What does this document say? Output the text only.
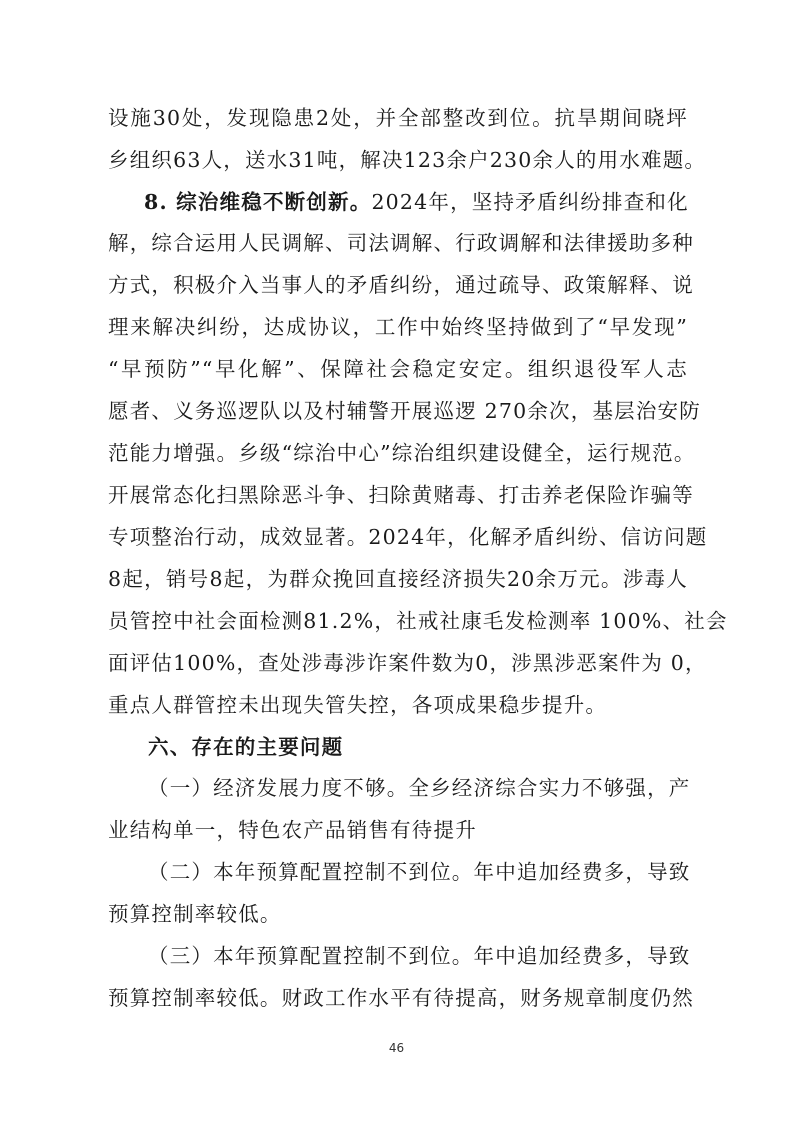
设施30处，发现隐患2处，并全部整改到位。抗旱期间晓坪
乡组织63人，送水31吨，解决123余户230余人的用水难题。
8. 综治维稳不断创新。2024年，坚持矛盾纠纷排查和化
解，综合运用人民调解、司法调解、行政调解和法律援助多种
方式，积极介入当事人的矛盾纠纷，通过疏导、政策解释、说
理来解决纠纷，达成协议，工作中始终坚持做到了“早发现”
“早预防”“早化解”、保障社会稳定安定。组织退役军人志
愿者、义务巡逻队以及村辅警开展巡逻 270余次，基层治安防
范能力增强。乡级“综治中心”综治组织建设健全，运行规范。
开展常态化扫黑除恶斗争、扫除黄赌毒、打击养老保险诈骗等
专项整治行动，成效显著。2024年，化解矛盾纠纷、信访问题
8起，销号8起，为群众挽回直接经济损失20余万元。涉毒人
员管控中社会面检测81.2%，社戒社康毛发检测率 100%、社会
面评估100%，查处涉毒涉诈案件数为0，涉黑涉恶案件为 0，
重点人群管控未出现失管失控，各项成果稳步提升。
六、存在的主要问题
（一）经济发展力度不够。全乡经济综合实力不够强，产
业结构单一，特色农产品销售有待提升
（二）本年预算配置控制不到位。年中追加经费多，导致
预算控制率较低。
（三）本年预算配置控制不到位。年中追加经费多，导致
预算控制率较低。财政工作水平有待提高，财务规章制度仍然
46
